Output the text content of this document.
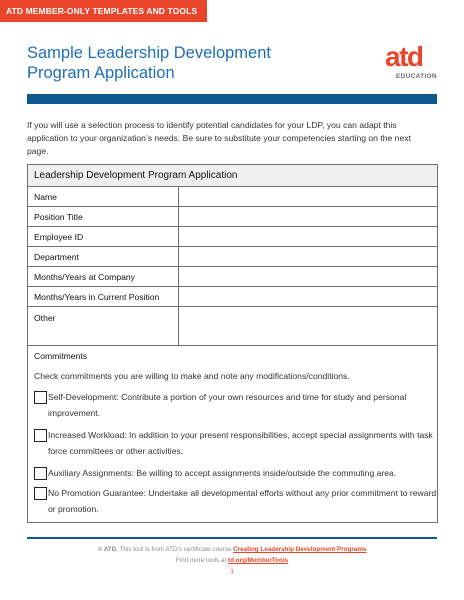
ATD MEMBER-ONLY TEMPLATES AND TOOLS
Sample Leadership Development
Program Application
atd
EDUCATION

If you will use a selection process to identify potential candidates for your LDP, you can adapt this application to your organization’s needs. Be sure to substitute your competencies starting on the next page.

Leadership Development Program Application	
Name	
Position Title	
Employee ID	
Department	
Months/Years at Company	
Months/Years in Current Position	
Other	
Commitments
Check commitments you are willing to make and note any modifications/conditions.
Self-Development: Contribute a portion of your own resources and time for study and personal improvement.
Increased Workload: In addition to your present responsibilities, accept special assignments with task force committees or other activities.
Auxiliary Assignments: Be willing to accept assignments inside/outside the commuting area.
No Promotion Guarantee: Undertake all developmental efforts without any prior commitment to reward or promotion.
© ATD. This tool is from ATD’s certificate course Creating Leadership Development Programs
Find more tools at td.org/MemberTools
1
